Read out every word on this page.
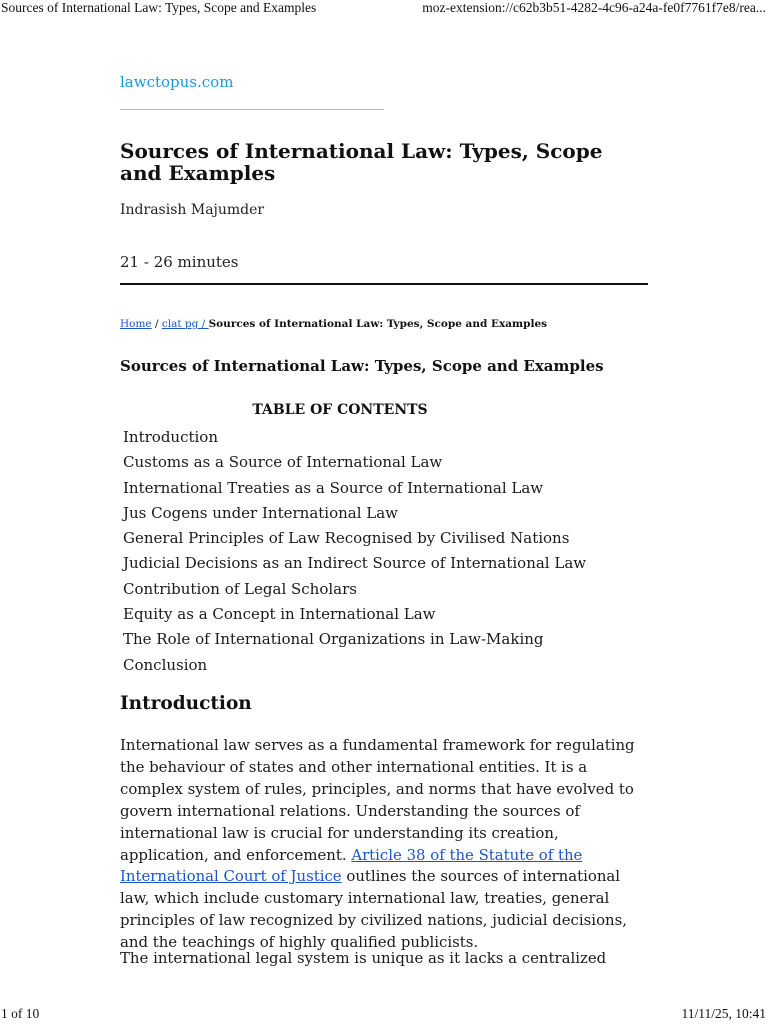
Sources of International Law: Types, Scope and Examples	moz-extension://c62b3b51-4282-4c96-a24a-fe0f7761f7e8/rea...
lawctopus.com
Sources of International Law: Types, Scope and Examples
Indrasish Majumder
21 - 26 minutes
Home / clat pg / Sources of International Law: Types, Scope and Examples
Sources of International Law: Types, Scope and Examples
TABLE OF CONTENTS
Introduction
Customs as a Source of International Law
International Treaties as a Source of International Law
Jus Cogens under International Law
General Principles of Law Recognised by Civilised Nations
Judicial Decisions as an Indirect Source of International Law
Contribution of Legal Scholars
Equity as a Concept in International Law
The Role of International Organizations in Law-Making
Conclusion
Introduction

International law serves as a fundamental framework for regulating the behaviour of states and other international entities. It is a complex system of rules, principles, and norms that have evolved to govern international relations. Understanding the sources of international law is crucial for understanding its creation, application, and enforcement. Article 38 of the Statute of the International Court of Justice outlines the sources of international law, which include customary international law, treaties, general principles of law recognized by civilized nations, judicial decisions, and the teachings of highly qualified publicists.

The international legal system is unique as it lacks a centralized

1 of 10	11/11/25, 10:41
